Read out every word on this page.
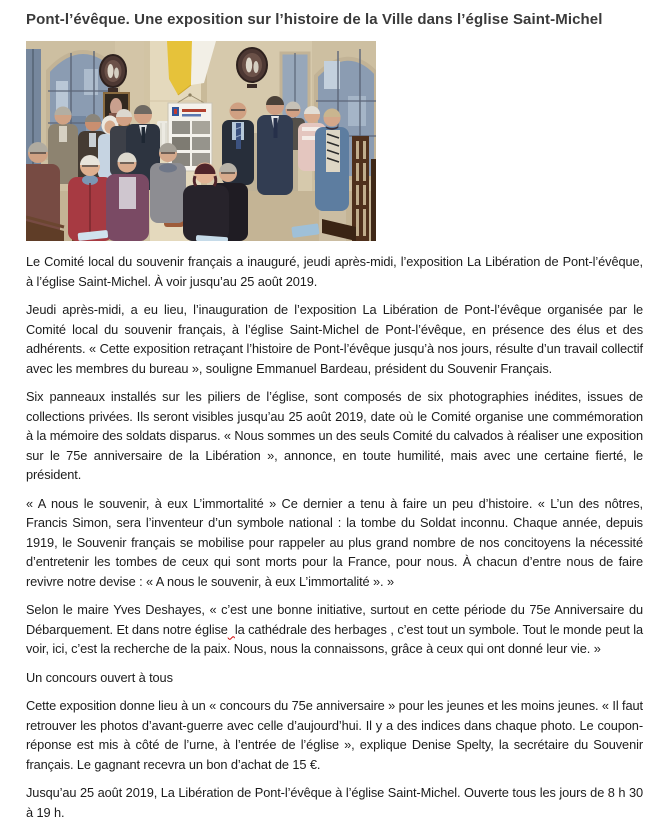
Pont-l’évêque. Une exposition sur l’histoire de la Ville dans l’église Saint-Michel

Le Comité local du souvenir français a inauguré, jeudi après-midi, l’exposition La Libération de Pont-l’évêque, à l’église Saint-Michel. À voir jusqu’au 25 août 2019.

Jeudi après-midi, a eu lieu, l’inauguration de l’exposition La Libération de Pont-l’évêque organisée par le Comité local du souvenir français, à l’église Saint-Michel de Pont-l’évêque, en présence des élus et des adhérents. « Cette exposition retraçant l’histoire de Pont-l’évêque jusqu’à nos jours, résulte d’un travail collectif avec les membres du bureau », souligne Emmanuel Bardeau, président du Souvenir Français.

Six panneaux installés sur les piliers de l’église, sont composés de six photographies inédites, issues de collections privées. Ils seront visibles jusqu’au 25 août 2019, date où le Comité organise une commémoration à la mémoire des soldats disparus. « Nous sommes un des seuls Comité du calvados à réaliser une exposition sur le 75e anniversaire de la Libération », annonce, en toute humilité, mais avec une certaine fierté, le président.

« A nous le souvenir, à eux L’immortalité » Ce dernier a tenu à faire un peu d’histoire. « L’un des nôtres, Francis Simon, sera l’inventeur d’un symbole national : la tombe du Soldat inconnu. Chaque année, depuis 1919, le Souvenir français se mobilise pour rappeler au plus grand nombre de nos concitoyens la nécessité d’entretenir les tombes de ceux qui sont morts pour la France, pour nous. À chacun d’entre nous de faire revivre notre devise : « A nous le souvenir, à eux L’immortalité ». »

Selon le maire Yves Deshayes, « c’est une bonne initiative, surtout en cette période du 75e Anniversaire du Débarquement. Et dans notre église la cathédrale des herbages , c’est tout un symbole. Tout le monde peut la voir, ici, c’est la recherche de la paix. Nous, nous la connaissons, grâce à ceux qui ont donné leur vie. »

Un concours ouvert à tous

Cette exposition donne lieu à un « concours du 75e anniversaire » pour les jeunes et les moins jeunes. « Il faut retrouver les photos d’avant-guerre avec celle d’aujourd’hui. Il y a des indices dans chaque photo. Le coupon-réponse est mis à côté de l’urne, à l’entrée de l’église », explique Denise Spelty, la secrétaire du Souvenir français. Le gagnant recevra un bon d’achat de 15 €.

Jusqu’au 25 août 2019, La Libération de Pont-l’évêque à l’église Saint-Michel. Ouverte tous les jours de 8 h 30 à 19 h.
